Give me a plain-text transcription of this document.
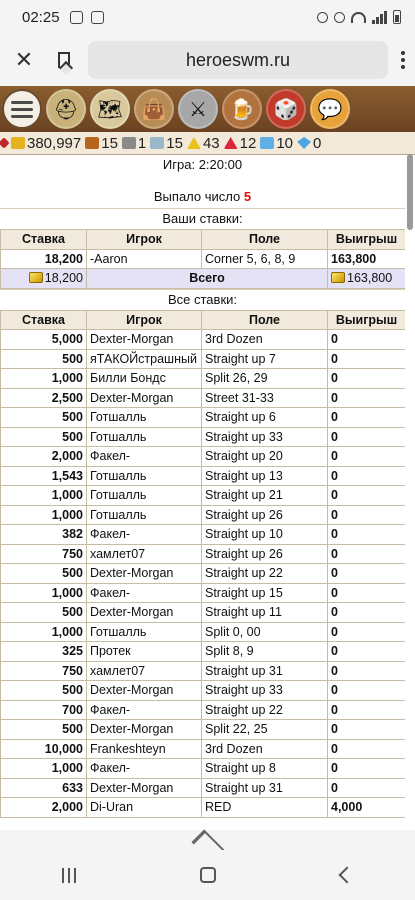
02:25
✕	heroeswm.ru
⛑ 🗺 👜	⚔	🍺 🎲 💬
380,997 15 1 15 43 12 10 0
Игра: 2:20:00
Выпало число 5
Ваши ставки:
Ставка	Игрок	Поле	Выигрыш
18,200	-Aaron	Corner 5, 6, 8, 9	163,800
18,200	Всего		163,800
Все ставки:
Ставка	Игрок	Поле	Выигрыш
5,000	Dexter-Morgan	3rd Dozen	0
500	яТАКОЙстрашный	Straight up 7	0
1,000	Билли Бондс	Split 26, 29	0
2,500	Dexter-Morgan	Street 31-33	0
500	Готшалль	Straight up 6	0
500	Готшалль	Straight up 33	0
2,000	Факел-	Straight up 20	0
1,543	Готшалль	Straight up 13	0
1,000	Готшалль	Straight up 21	0
1,000	Готшалль	Straight up 26	0
382	Факел-	Straight up 10	0
750	хамлет07	Straight up 26	0
500	Dexter-Morgan	Straight up 22	0
1,000	Факел-	Straight up 15	0
500	Dexter-Morgan	Straight up 11	0
1,000	Готшалль	Split 0, 00	0
325	Протек	Split 8, 9	0
750	хамлет07	Straight up 31	0
500	Dexter-Morgan	Straight up 33	0
700	Факел-	Straight up 22	0
500	Dexter-Morgan	Split 22, 25	0
10,000	Frankeshteyn	3rd Dozen	0
1,000	Факел-	Straight up 8	0
633	Dexter-Morgan	Straight up 31	0
2,000	Di-Uran	RED	4,000
